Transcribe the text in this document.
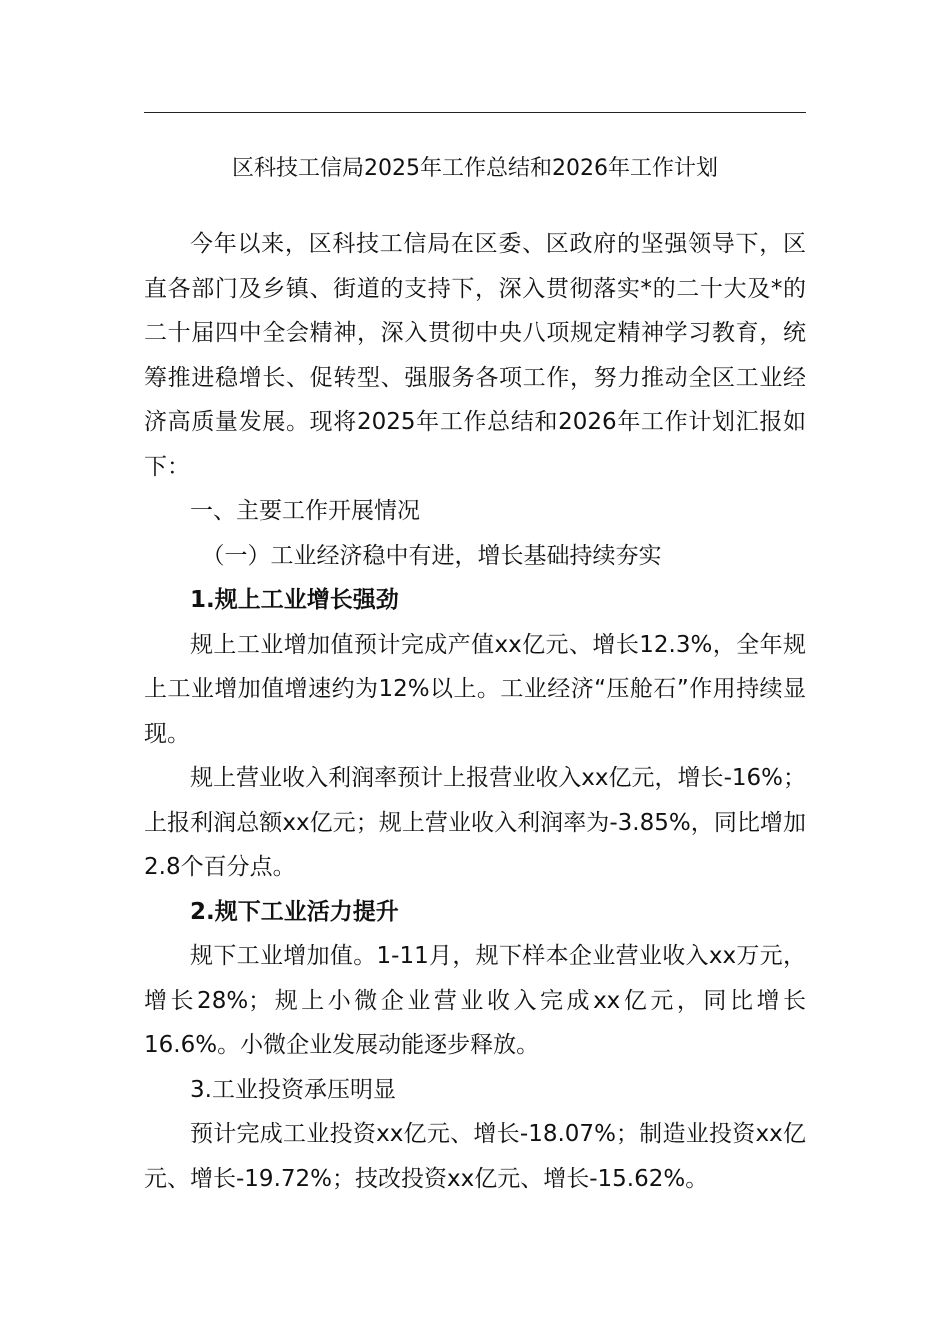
区科技工信局2025年工作总结和2026年工作计划

今年以来，区科技工信局在区委、区政府的坚强领导下，区直各部门及乡镇、街道的支持下，深入贯彻落实*的二十大及*的二十届四中全会精神，深入贯彻中央八项规定精神学习教育，统筹推进稳增长、促转型、强服务各项工作，努力推动全区工业经济高质量发展。现将2025年工作总结和2026年工作计划汇报如下：

一、主要工作开展情况

（一）工业经济稳中有进，增长基础持续夯实

1.规上工业增长强劲

规上工业增加值预计完成产值xx亿元、增长12.3%，全年规上工业增加值增速约为12%以上。工业经济“压舱石”作用持续显现。

规上营业收入利润率预计上报营业收入xx亿元，增长-16%；上报利润总额xx亿元；规上营业收入利润率为-3.85%，同比增加2.8个百分点。

2.规下工业活力提升

规下工业增加值。1-11月，规下样本企业营业收入xx万元，增长28%；规上小微企业营业收入完成xx亿元，同比增长16.6%。小微企业发展动能逐步释放。

3.工业投资承压明显

预计完成工业投资xx亿元、增长-18.07%；制造业投资xx亿元、增长-19.72%；技改投资xx亿元、增长-15.62%。
